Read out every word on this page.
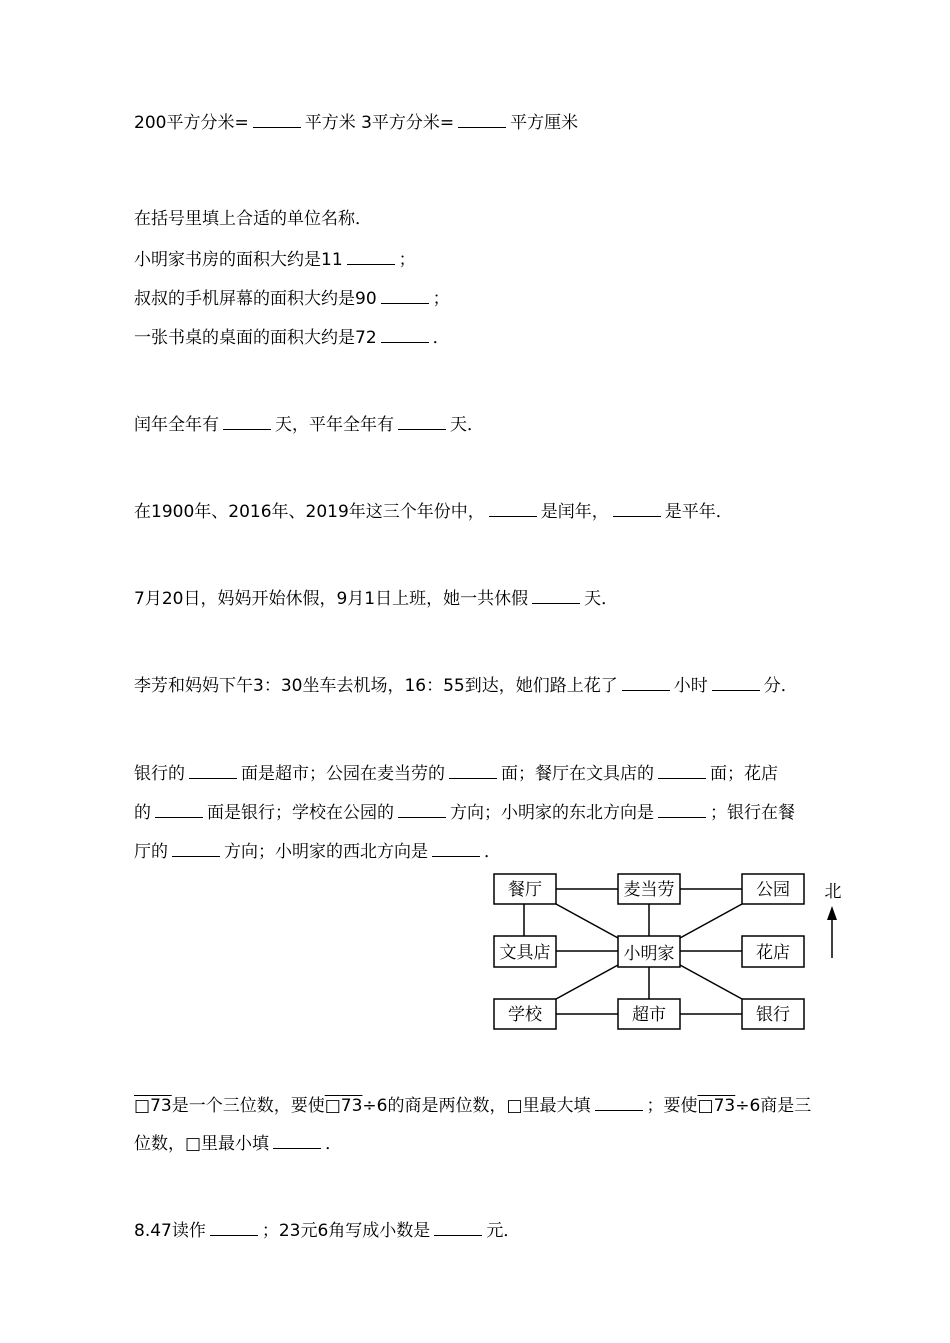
200平方分米=	平方米 3平方分米=	平方厘米
在括号里填上合适的单位名称．
小明家书房的面积大约是11	；
叔叔的手机屏幕的面积大约是90	；
一张书桌的桌面的面积大约是72	．
闰年全年有	天，平年全年有	天．
在1900年、2016年、2019年这三个年份中，	是闰年，	是平年．
7月20日，妈妈开始休假，9月1日上班，她一共休假	天．
李芳和妈妈下午3：30坐车去机场，16：55到达，她们路上花了	小时	分．
银行的	面是超市；公园在麦当劳的	面；餐厅在文具店的	面；花店
的	面是银行；学校在公园的	方向；小明家的东北方向是	；银行在餐
厅的	方向；小明家的西北方向是	．
餐厅	麦当劳	公园
文具店	小明家	花店
学校	超市	银行
北
□73是一个三位数，要使□73÷6的商是两位数，□里最大填	；要使□73÷6商是三
位数，□里最小填	．
8.47读作	；23元6角写成小数是	元．
